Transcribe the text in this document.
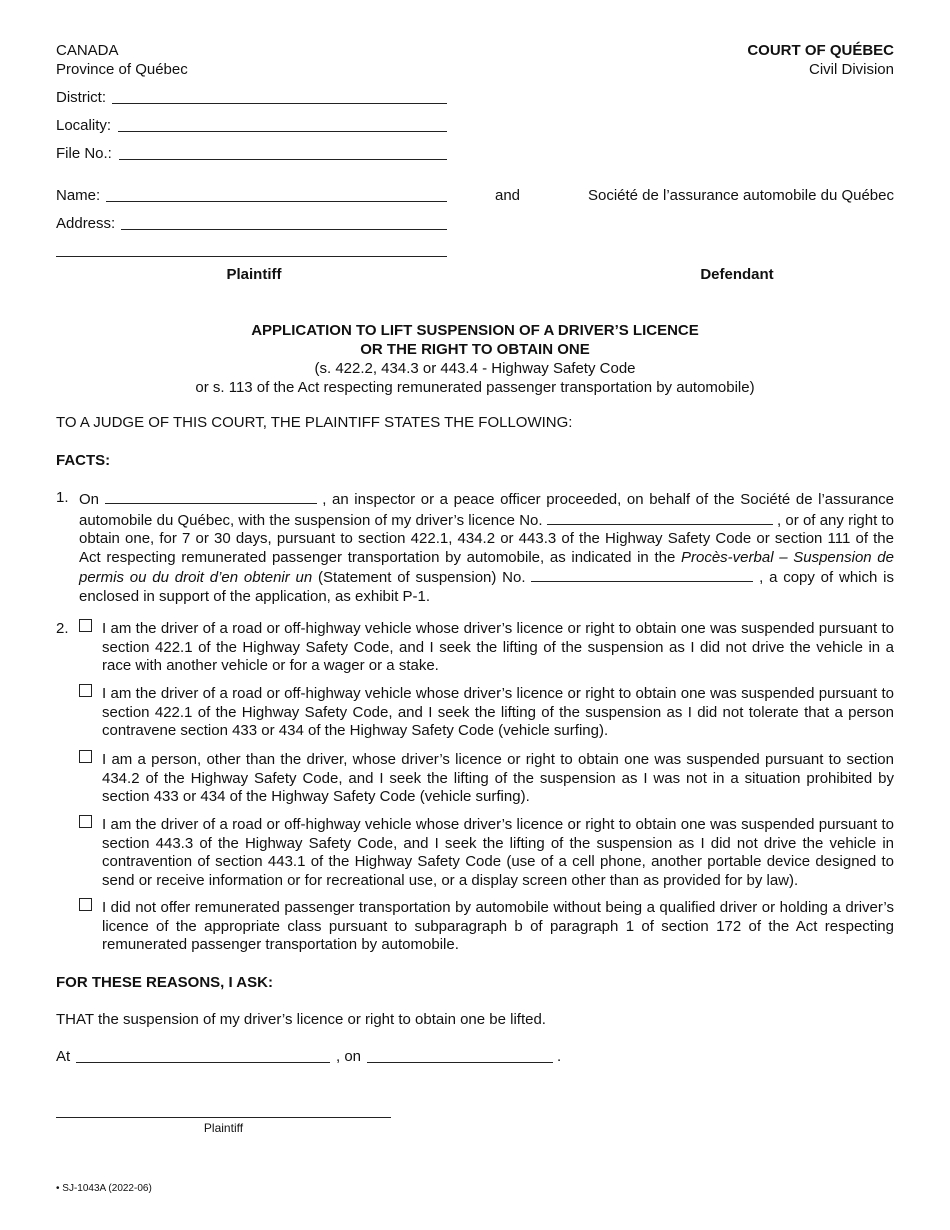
CANADA
Province of Québec
COURT OF QUÉBEC
Civil Division
District:
Locality:
File No.:
Name:
Address:
and	Société de l’assurance automobile du Québec
Plaintiff	Defendant
APPLICATION TO LIFT SUSPENSION OF A DRIVER’S LICENCE
OR THE RIGHT TO OBTAIN ONE
(s. 422.2, 434.3 or 443.4 - Highway Safety Code
or s. 113 of the Act respecting remunerated passenger transportation by automobile)
TO A JUDGE OF THIS COURT, THE PLAINTIFF STATES THE FOLLOWING:
FACTS:
1. On	, an inspector or a peace officer proceeded, on behalf of the Société de l’assurance automobile du Québec, with the suspension of my driver’s licence No.	, or of any right to obtain one, for 7 or 30 days, pursuant to section 422.1, 434.2 or 443.3 of the Highway Safety Code or section 111 of the Act respecting remunerated passenger transportation by automobile, as indicated in the Procès-verbal – Suspension de permis ou du droit d’en obtenir un (Statement of suspension) No.	, a copy of which is enclosed in support of the application, as exhibit P-1.
2. I am the driver of a road or off-highway vehicle whose driver’s licence or right to obtain one was suspended pursuant to section 422.1 of the Highway Safety Code, and I seek the lifting of the suspension as I did not drive the vehicle in a race with another vehicle or for a wager or a stake.
I am the driver of a road or off-highway vehicle whose driver’s licence or right to obtain one was suspended pursuant to section 422.1 of the Highway Safety Code, and I seek the lifting of the suspension as I did not tolerate that a person contravene section 433 or 434 of the Highway Safety Code (vehicle surfing).
I am a person, other than the driver, whose driver’s licence or right to obtain one was suspended pursuant to section 434.2 of the Highway Safety Code, and I seek the lifting of the suspension as I was not in a situation prohibited by section 433 or 434 of the Highway Safety Code (vehicle surfing).
I am the driver of a road or off-highway vehicle whose driver’s licence or right to obtain one was suspended pursuant to section 443.3 of the Highway Safety Code, and I seek the lifting of the suspension as I did not drive the vehicle in contravention of section 443.1 of the Highway Safety Code (use of a cell phone, another portable device designed to send or receive information or for recreational use, or a display screen other than as provided for by law).
I did not offer remunerated passenger transportation by automobile without being a qualified driver or holding a driver’s licence of the appropriate class pursuant to subparagraph b of paragraph 1 of section 172 of the Act respecting remunerated passenger transportation by automobile.
FOR THESE REASONS, I ASK:
THAT the suspension of my driver’s licence or right to obtain one be lifted.
At	, on	.
Plaintiff
• SJ-1043A (2022-06)
